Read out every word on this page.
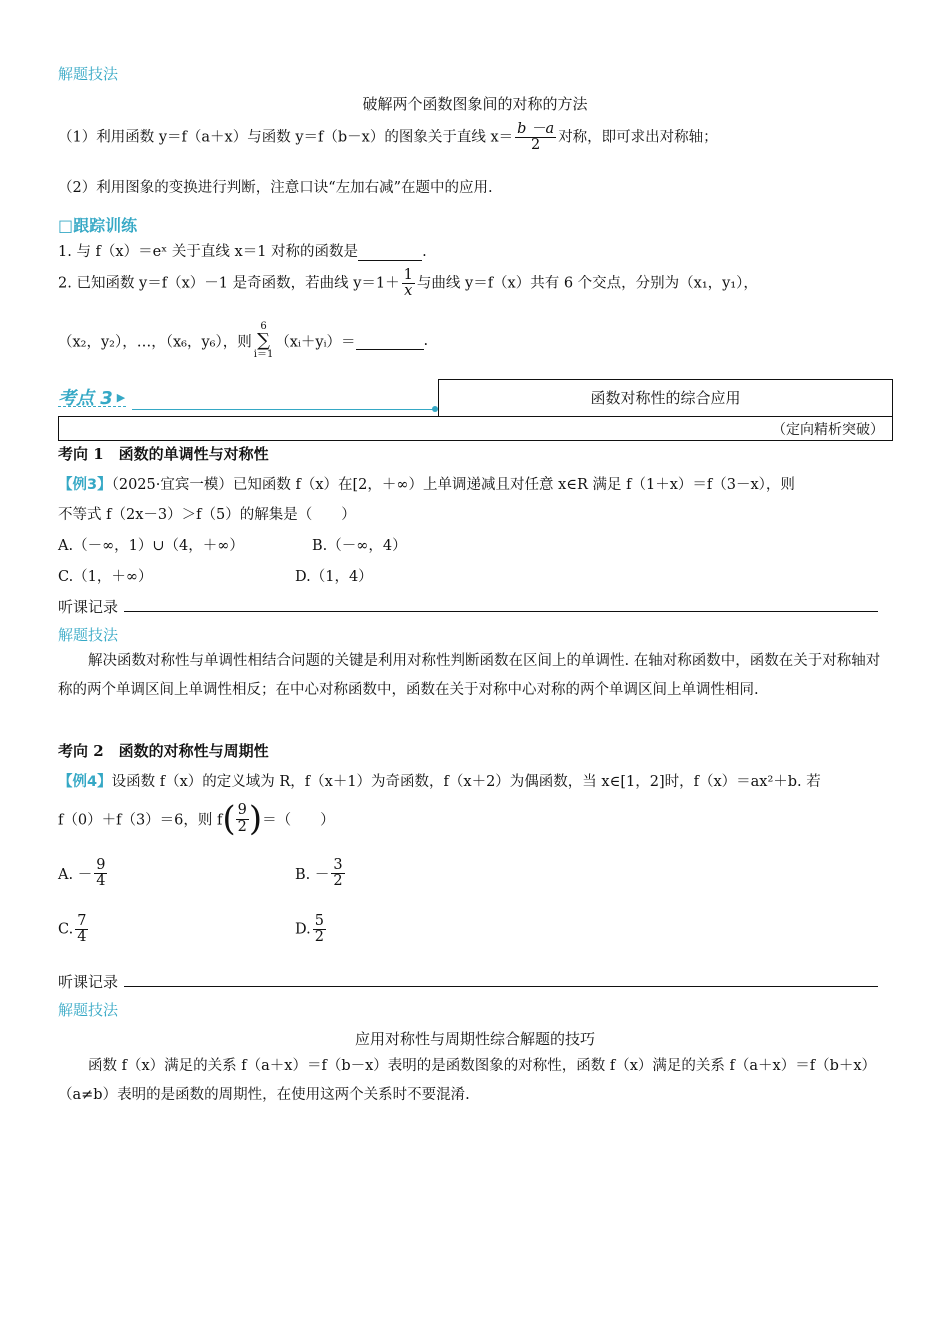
解题技法
破解两个函数图象间的对称的方法
（1）利用函数 y＝f（a＋x）与函数 y＝f（b－x）的图象关于直线 $x= \frac{b -a}{2}$ 对称，即可求出对称轴；
（2）利用图象的变换进行判断，注意口诀“左加右减”在题中的应用.
□跟踪训练
1. 与 f（x）＝eˣ 关于直线 x＝1 对称的函数是	.
2. 已知函数 y＝f（x）－1 是奇函数，若曲线 $y=1+ \frac{1}{x}$ 与曲线 y＝f（x）共有 6 个交点，分别为（x₁，y₁），
（x₂，y₂），…，（x₆，y₆），则
6
∑
i＝1
（xᵢ＋yᵢ）＝	.
考点 3 ▶	函数对称性的综合应用
（定向精析突破）
考向 1　函数的单调性与对称性
【例3】（2025·宜宾一模）已知函数 f（x）在[2，＋∞）上单调递减且对任意 x∈R 满足 f（1＋x）＝f（3－x），则
不等式 f（2x－3）＞f（5）的解集是（　　）
A.（－∞，1）∪（4，＋∞）	B.（－∞，4）
C.（1，＋∞）	D.（1，4）
听课记录
解题技法
解决函数对称性与单调性相结合问题的关键是利用对称性判断函数在区间上的单调性. 在轴对称函数中，函数在关于对称轴对称的两个单调区间上单调性相反；在中心对称函数中，函数在关于对称中心对称的两个单调区间上单调性相同.
考向 2　函数的对称性与周期性
【例4】设函数 f（x）的定义域为 R，f（x＋1）为奇函数，f（x＋2）为偶函数，当 x∈[1，2]时，f（x）＝ax²＋b. 若
f（0）＋f（3）＝6，则 $f( \frac{9}{2}$ )＝（　　）
A. － $\frac{9}{4}$	B. － $\frac{3}{2}$
C. $\frac{7}{4}$	D. $\frac{5}{2}$
听课记录
解题技法
应用对称性与周期性综合解题的技巧
函数 f（x）满足的关系 f（a＋x）＝f（b－x）表明的是函数图象的对称性，函数 f（x）满足的关系 f（a＋x）＝f（b＋x）（a≠b）表明的是函数的周期性，在使用这两个关系时不要混淆.
